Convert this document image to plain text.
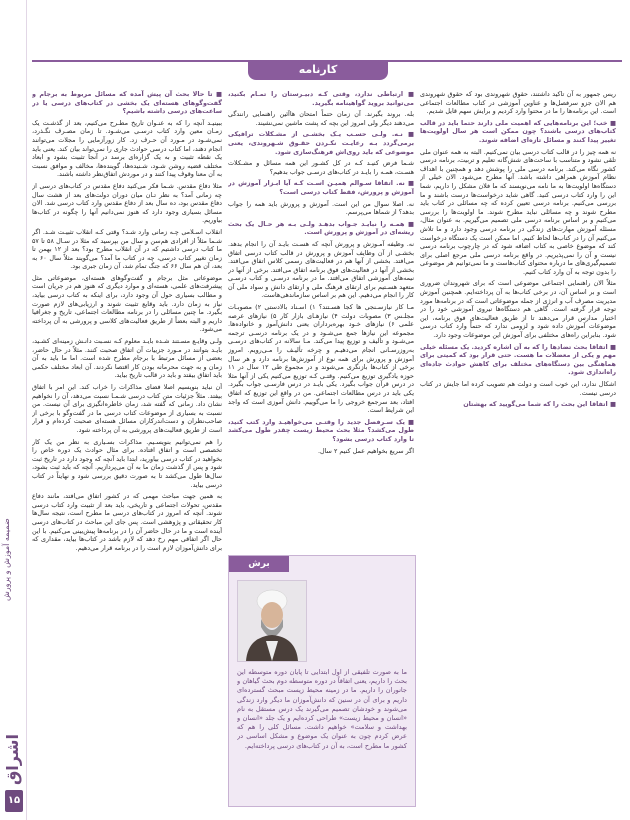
ضمیمه آموزش و پرورش
اشراق
۱۵
کارنامه

ریس جمهور به آن تاکید داشتند، حقوق شهروندی بود که حقوق شهروندی هم الان جزو سرفصل‌ها و عناوین آموزشی در کتاب مطالعات اجتماعی است. این برنامه‌ها را ما در محتوا وارد کردیم و برایش سهم قایل شدیم.

■ خب؛ این برنامه‌هایی که اهمیت ملی دارند حتما باید در قالب کتاب‌های درسی باشند؟ چون ممکن است هر سال اولویت‌ها تغییر پیدا کنند و مسائل تازه‌ای اضافه شوند.

نه همه چیز را در قالب کتاب درسی بیان نمی‌کنیم. البته به همه عنوان ملی تلقی نشود و متناسب با ساحت‌های شش‌گانه تعلیم و تربیت، برنامه درسی کشور نگاه می‌کند. برنامه درسی ملی را پوشش دهد و همچنین با اهداف نظام آموزش همراهی داشته باشد. آنها مطرح می‌شود. الان خیلی از دستگاه‌ها اولویت‌ها به ما نامه می‌نویسند که ما فلان مشکل را داریم، شما این را وارد کتاب درسی کنید. گاهی شاید درخواست‌ها درست باشند و ما بررسی می‌کنیم. برنامه درسی تعیین کرده که چه مسائلی در کتاب باید مطرح شوند و چه مسائلی نباید مطرح شوند. ما اولویت‌ها را بررسی می‌کنیم و بر اساس برنامه درسی ملی تصمیم می‌گیریم. به عنوان مثال، مسئله آموزش مهارت‌های زندگی در برنامه درسی وجود دارد و ما تلاش می‌کنیم آن را در کتاب‌ها لحاظ کنیم. اما ممکن است یک دستگاه درخواست کند که موضوع خاصی به کتاب اضافه شود که در چارچوب برنامه درسی نیست و آن را نمی‌پذیریم. در واقع برنامه درسی ملی مرجع اصلی برای تصمیم‌گیری‌های ما درباره محتوای کتاب‌هاست و ما نمی‌توانیم هر موضوعی را بدون توجه به آن وارد کتاب کنیم.

مثلاً الان راهنمایی اجتماعی موضوعی است که برای شهروندان ضروری است و بر اساس آن، در برخی کتاب‌ها به آن پرداخته‌ایم. همچنین آموزش مدیریت مصرف آب و انرژی از جمله موضوعاتی است که در برنامه‌ها مورد توجه قرار گرفته است. گاهی هم دستگاه‌ها نیروی آموزشی خود را در اختیار مدارس قرار می‌دهند تا از طریق فعالیت‌های فوق برنامه، این موضوعات آموزش داده شود و لزومی ندارد که حتماً وارد کتاب درسی شود. بنابراین راه‌های مختلفی برای آموزش این موضوعات وجود دارد.

■ اتفاقا بحث تضادها را که به آن اشاره کردید. یک مسئله خیلی مهم و یکی از معضلات ما هست. حتی قرار بود که کمیتی برای هماهنگی بین دستگاه‌های مختلف برای کاهش حوادث جاده‌ای راه‌اندازی شود.

اشکال ندارد، این خوب است و دولت هم تصویب کرده اما جایش در کتاب درسی نیست.

■ اتفاقا این بحث را که شما می‌گویید که بهشتان

■ ارتباطی ندارد، وقتی کـه دبیـرستان را تمـام بکنید، می‌توانید بروید گواهینامه بگیرید.

بله. بروند بگیرند. آن زمان حتماً امتحان هاآئین راهنمایی رانندگی می‌دهند دیگر ولی امروز این بچه که پشت ماشین نمی‌نشیند.

■ نـه. ولـی حسـب یـک بخشـی از مشـکلات ترافیکی برمی‌گردد بـه رعایـت نکـردن حقـوق شـهروندی، یعنی موضوعی که باید روی‌اش فرهنگ‌سازی شود.

شـما فرض کنیـد کـه در کل کشـور این همه مسائل و مشـکلات هسـت، همـه را بایـد در کتاب‌های درسـی جواب بدهیم؟

■ نه. اتفاقا سـوالم همیـن اسـت کـه آیا ابـزار آموزش در آموزش و پرورش، فقط کتاب درسی است؟

نه. اصلا سوال من این است. آموزش و پرورش باید همه را جواب بدهد؟ از شماها می‌پرسم.

■ همـه را نبایـد جـواب بدهـد ولـی بـه هر حـال یک بحث ریشه‌ای در آموزش و پرورش است.

نه. وظیفه آمـوزش و پرورش آنچه که هسـت بایـد آن را انجام بدهد. بخشـی از آن وظایف آموزش و پرورش در قالب کتاب درسی اتفاق می‌افتد. بخشی از آنها هم در فعالیت‌های رسمی کلاس اتفاق می‌افتد. بخشی از آنها در فعالیت‌های فوق برنامه اتفاق می‌افتد. برخی از آنها در نیمه‌های آموزشی اتفاق می‌افتد. ما در برنامه درسـی و کتاب درسـی متعهد هسـتیم برای ارتقای فرهنگ ملی و ارتقای دانش و سواد ملی آن کار را انجام می‌دهیم. این هم بر اساس سازماندهی‌هاست.

مـا کار نیازسـنجی ها کجا هسـتند؟ ۱) اسـناد بالادستی ۲) مصوبـات مجلـس ۳) مصوبات دولت ۴) نیازهـای بازار کار ۵) نیازهای عرصه علمی ۶) نیازهای خـود بهره‌برداران یعنی دانش‌آموز و خانواده‌ها. مجموعه این نیازها جمع می‌شـود و در یک برنامه درسـی ترجمه می‌شـود و تألیف و توزیع پیدا می‌کند. مـا سالانه در کتاب‌های درسـی به‌روزرسـانی انجام می‌دهیـم و چرخه تألیـف را مـی‌رویم. امروز آموزش و پرورش برای همه نوع از آموزش‌ها برنامه دارد و هر سال برخی از کتاب‌ها بازنگری می‌شوند و در مجموع طی ۱۲ سال در ۱۱ حوزه یادگیری توزیع می‌کنیم. وقتـی کـه توزیع می‌کنیم یکی از آنها مثلا در درس قرآن جواب بگیرد. یکی بایـد در درس فارسـی جواب بگیرد. یکی باید در درس مطالعات اجتماعی. من در واقع این توزیع که اتفاق افتاد، بعد سرجمع خروجی را ما می‌گوییم. دانش آموزی است که واجد این شرایط است.

■ یک سـرفصل جدید را وقتـی می‌خواهیـد وارد کتب کنید، طول می‌کشد؟ مثلا بحث محیط زیست چقدر طول می‌کشد تا وارد کتاب درسی بشود؟

اگر سریع بخواهیم عمل کنیم ۲ سال.

■ تا حالا بحث آن پیش آمده که مسائل مربوط به برجام و گفت‌وگوهای هسته‌ای یک بخشی در کتاب‌های درسی یا در ساعت‌های درسی داشته باشیم؟

ببینیـد آنچه را که به عنـوان تاریخ مطـرح می‌کنیم، بعد از گذشـت یک زمـان معین وارد کتاب درسـی می‌شـود. تا زمان مصـرف نگـذرد، نمی‌شـود در مـورد آن حـرف زد. کار زورآزمایی را مجلات می‌توانند انجام دهند، اما کتاب درسی حوادث جاری را نمی‌تواند بیان کند. یعنی باید یک نقطه تثبیت و به یک گزاره‌ای برسد در آنجا تثبیت بشود و ابعاد مختلف قضیه روشن شـود، شـنیده‌ها، گوینده‌ها، مخالف و موافق نسبت به آن معنا وقوف پیدا کنند و در موردش اتفاق‌نظر داشته باشند.

مثلا دفاع مقدس. شـما فکر می‌کنید دفاع مقدس در کتاب‌های درسی از چه زمانی آمد؟ به نظر تـان میان دوران دولت‌های بعد از هشت سال دفاع مقدس بود، ده سال بعد از دفاع مقدس وارد کتاب درسی شد. الان مسائل بسیاری وجود دارد که هنوز نمی‌دانیم آنها را چگونه در کتاب‌ها بیاوریم.

انقلاب اسـلامی چـه زمانی وارد شـد؟ وقتی کـه انقلاب تثبیـت شـد. اگر شـما مثلاً از افرادی هم‌سن و سال من بپرسید که مثلا در سـال ۵۸ تا ۵۷ ما کتاب درسی داشتیم که در آن انقلاب مطرح بود؟ بعد از ۱۲ بهمن تا زمان تغییر کتاب درسی، چه در کتاب ما آمد؟ می‌گویند مثلاً سال ۶۰ به بعد، آن هم سال ۶۶ که جنگ تمام شد، آن زمان جبری بود.

موضوعاتی مثل برجام و گفت‌وگوهای هسته‌ای، موضوعاتی مثل پیشرفت‌های علمی، هسته‌ای و موارد دیگری که هنوز هم در جریان است و مطالب بسیاری حول آن وجود دارد، برای اینکه به کتاب درسی بیاید، نیاز به زمان دارد. باید وقایع تثبیت شوند و ارزیابی‌های لازم صورت بگیرد. ما چنین مسائلی را در برنامه مطالعات اجتماعی، تاریخ و جغرافیا داریم و البته بعضاً از طریق فعالیت‌های کلاسی و پرورشی به آن پرداخته می‌شود.

ولـی وقایـع مسـتند شـده بایـد معلوم کـه نسـبت دانـش زمینه‌ای کشـید، بایـد بتوانند در مـورد جزییات آن اتفاق صحبت کنند. مثلاً در حال حاضر، بعضی از مسائل مرتبط با برجام مطرح شده است. اما ما باید به آن زمان و به جهت محرمانه بودن کار اقتصا نکردند. آن ابعاد مختلف حکمی باید اتفاق بیفتد و باید در قالب تاریخ بیاید.

آن نباید بنویسیم اصلا فضای مذاکرات را خراب کند. این امر با اتفاق بیفتد. مثلاً جزئیات متن کتاب درسی شـمـا نسبت می‌دهد، آن را نخواهیم نشان داد. زمانی که گفته شد، زمان خاطره‌انگیزی برای آن نیست. من نسبت به بسیاری از موضوعات کتاب درسی ما در گفت‌وگو با برخی از صاحب‌نظران و دست‌اندرکاران مسائل هسته‌ای صحبت کرده‌ام و قرار است از طریق فعالیت‌های پرورشی به آن پرداخته شود.

را هم نمی‌توانیم بنویسـیم. مذاکرات بسـیاری به نظر من یک کار تخصصی است و اتفاق افتاده. برای مثال حوادث یک دوره خاص را بخواهید در کتاب درسی بیاورید، ابتدا باید آنچه که وجود دارد در تاریخ ثبت شود و پس از گذشت زمان ما به آن می‌پردازیم. آنچه که باید ثبت بشود، سال‌ها طول می‌کشد تا به صورت دقیق بررسی شود و نهایتاً در کتاب درسی بیاید.

به همین جهت مباحث مهمی که در کشور اتفاق می‌افتد، مانند دفاع مقدس، تحولات اجتماعی و تاریخی، باید بعد از تثبیت وارد کتاب درسی شوند. آنچه که امروز در کتاب‌های درسی ما مطرح است، نتیجه سال‌ها کار تحقیقاتی و پژوهشی است. پس جای این مباحث در کتاب‌های درسی آینده است و ما در حال حاضر آن را در برنامه‌ها پیش‌بینی می‌کنیم. با این حال اگر اتفاقی مهم رخ دهد که لازم باشد در کتاب‌ها بیاید، مقداری که برای دانش‌آموزان لازم است را در برنامه قرار می‌دهیم.

برش
ما به صورت تلفیقی از اول ابتدایی تا پایان دوره متوسطه این بحث را داریم، یعنی اتفاقاً در دوره متوسطه دوم بحث گیاهان و جانوران را داریم. ما در زمینه محیط زیست مبحث گسترده‌ای داریم و برای آن در سنین که دانش‌آموزان ما دیگر وارد زندگی می‌شوند و خودشان تصمیم می‌گیرند یک درس مستقل به نام «انسان و محیط زیست» طراحی کرده‌ایم و یک جلد «انسان و بهداشت و سلامت» خواهیم داشت. مسائل کلی را هم که عرض کردم چون به عنوان یک موضوع و مشکل اساسی در کشور ما مطرح است، به آن در کتاب‌های درسی پرداخته‌ایم.
